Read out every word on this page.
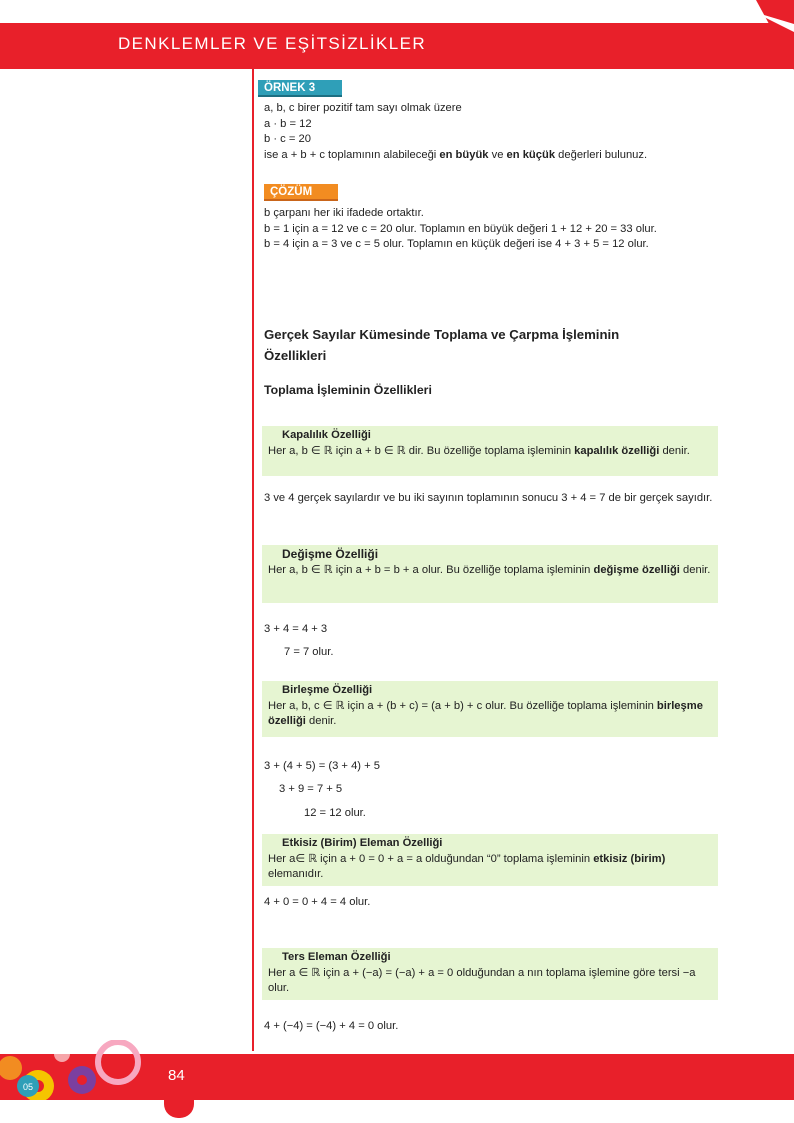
DENKLEMLER VE EŞİTSİZLİKLER
ÖRNEK 3
a, b, c birer pozitif tam sayı olmak üzere
a · b = 12
b · c = 20
ise a + b + c toplamının alabileceği en büyük ve en küçük değerleri bulunuz.
ÇÖZÜM
b çarpanı her iki ifadede ortaktır.
b = 1 için a = 12 ve c = 20 olur. Toplamın en büyük değeri 1 + 12 + 20 = 33 olur.
b = 4 için a = 3 ve c = 5 olur. Toplamın en küçük değeri ise 4 + 3 + 5 = 12 olur.
Gerçek Sayılar Kümesinde Toplama ve Çarpma İşleminin
Özellikleri
Toplama İşleminin Özellikleri
Kapalılık Özelliği
Her a, b ∈ ℝ için a + b ∈ ℝ dir. Bu özelliğe toplama işleminin kapalılık özelliği denir.
3 ve 4 gerçek sayılardır ve bu iki sayının toplamının sonucu 3 + 4 = 7 de bir gerçek sayıdır.
Değişme Özelliği
Her a, b ∈ ℝ için a + b = b + a olur. Bu özelliğe toplama işleminin değişme özelliği denir.
3 + 4 = 4 + 3
7 = 7 olur.
Birleşme Özelliği
Her a, b, c ∈ ℝ için a + (b + c) = (a + b) + c olur. Bu özelliğe toplama işleminin birleşme özelliği denir.
3 + (4 + 5) = (3 + 4) + 5
3 + 9 = 7 + 5
12 = 12 olur.
Etkisiz (Birim) Eleman Özelliği
Her a∈ ℝ için a + 0 = 0 + a = a olduğundan “0” toplama işleminin etkisiz (birim) elemanıdır.
4 + 0 = 0 + 4 = 4 olur.
Ters Eleman Özelliği
Her a ∈ ℝ için a + (−a) = (−a) + a = 0 olduğundan a nın toplama işlemine göre tersi −a olur.
4 + (−4) = (−4) + 4 = 0 olur.
05
84
